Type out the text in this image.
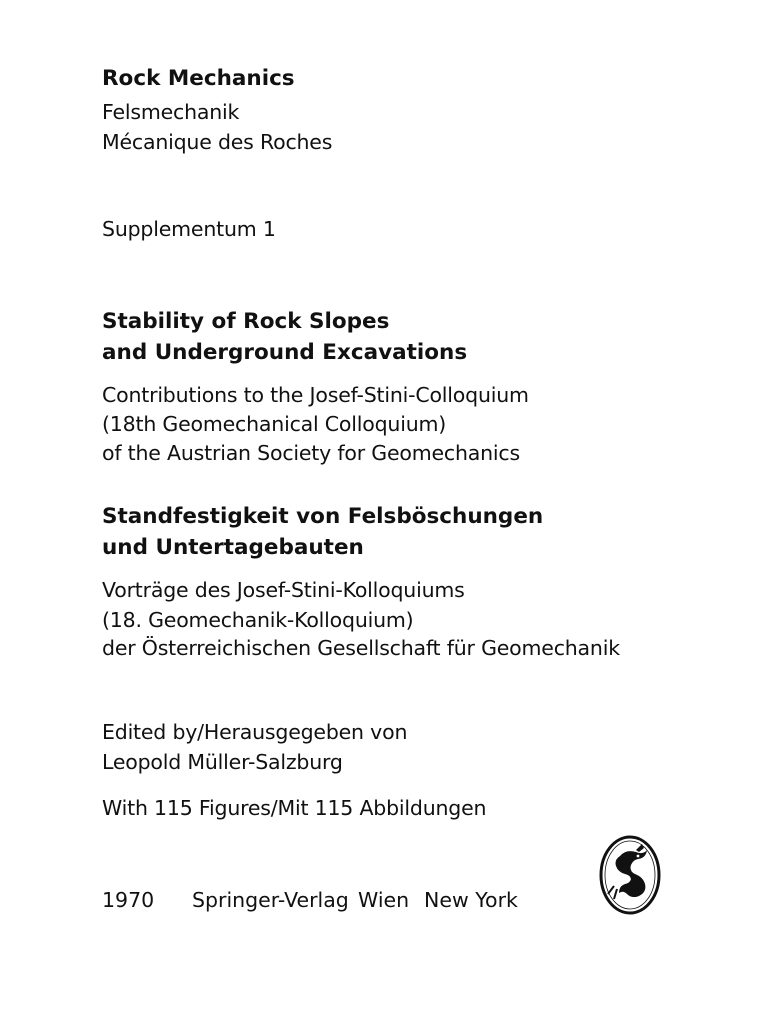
Rock Mechanics
Felsmechanik
Mécanique des Roches
Supplementum 1
Stability of Rock Slopes
and Underground Excavations
Contributions to the Josef-Stini-Colloquium
(18th Geomechanical Colloquium)
of the Austrian Society for Geomechanics
Standfestigkeit von Felsböschungen
und Untertagebauten
Vorträge des Josef-Stini-Kolloquiums
(18. Geomechanik-Kolloquium)
der Österreichischen Gesellschaft für Geomechanik
Edited by/Herausgegeben von
Leopold Müller-Salzburg
With 115 Figures/Mit 115 Abbildungen
1970 Springer-Verlag Wien New York
